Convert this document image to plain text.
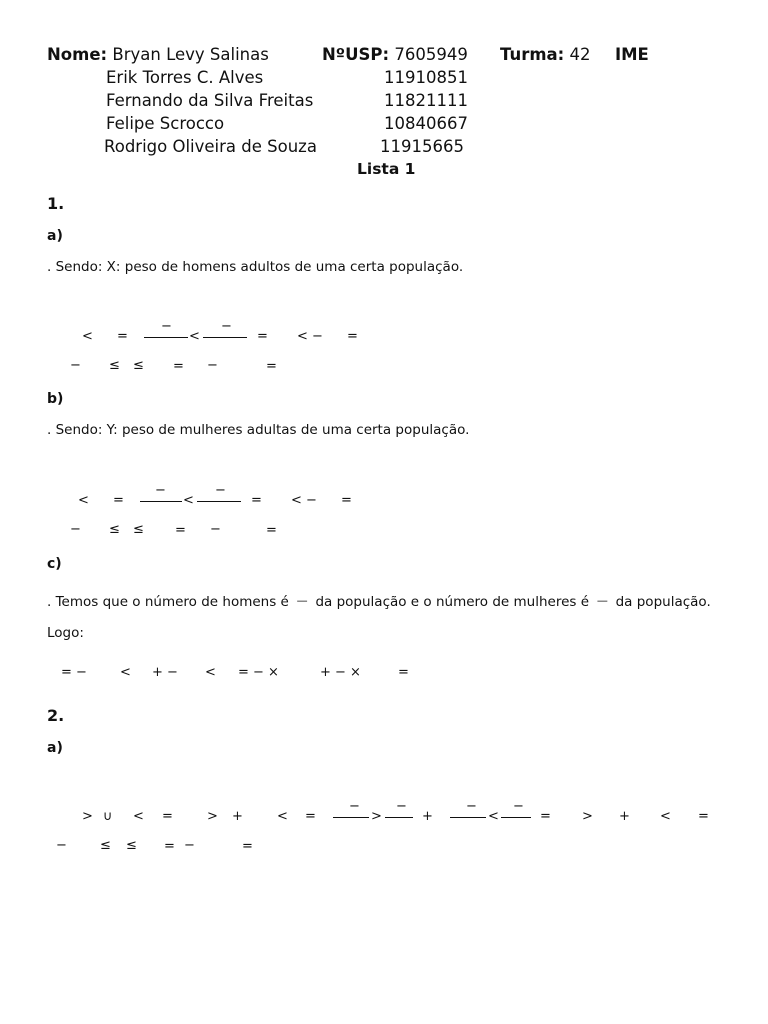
Nome: Bryan Levy Salinas	NºUSP: 7605949 Turma: 42 IME
Erik Torres C. Alves	11910851
Fernando da Silva Freitas	11821111
Felipe Scrocco	10840667
Rodrigo Oliveira de Souza	11915665
Lista 1
1.
a)
. Sendo: X: peso de homens adultos de uma certa população.
< =
−
<
−
= < − =
− ≤ ≤ = −	=
b)
. Sendo: Y: peso de mulheres adultas de uma certa população.
< =
−
<
−
= < − =
− ≤ ≤ = −	=
c)
. Temos que o número de homens é — da população e o número de mulheres é — da população.
Logo:
= −	< + − < = − ×	+ − ×	=
2.
a)
> ∪ < =	> +	< =
−
>
−
+
−
<
−
= > + < =
−	≤ ≤ = −	=
